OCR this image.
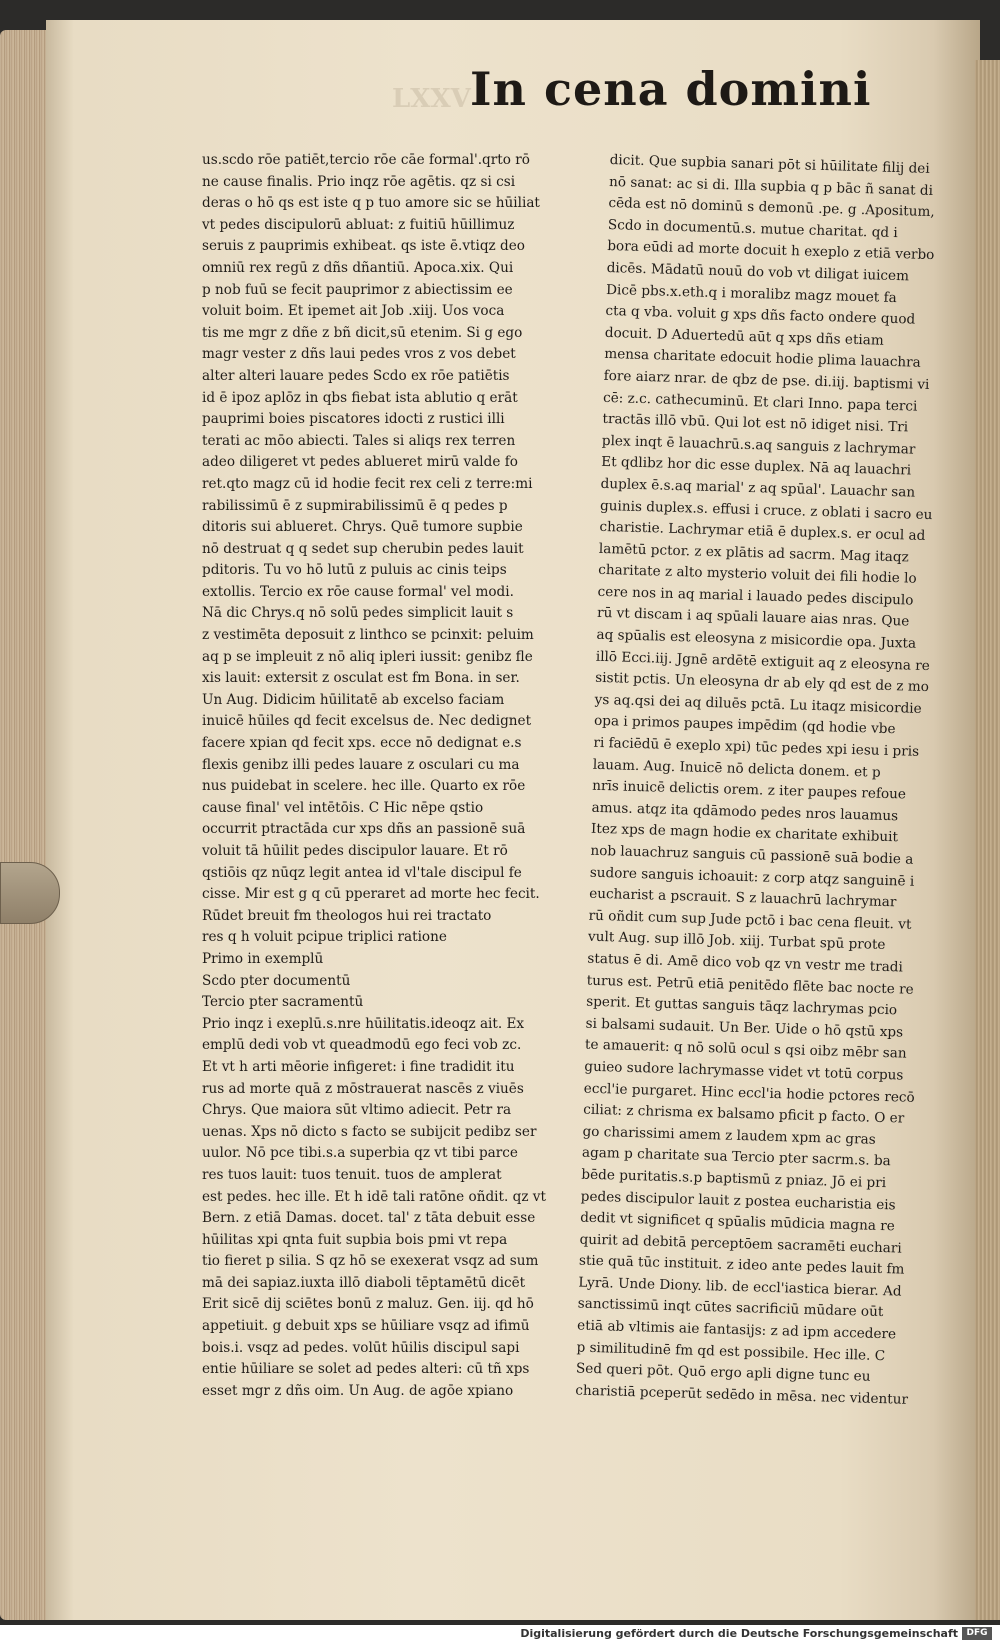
LXXV In cena domini
us.scdo rōe patiēt,tercio rōe cāe formal'.qrto rō
ne cause finalis. Prio inqz rōe agētis. qz si csi
deras o hō qs est iste q p tuo amore sic se hūiliat
vt pedes discipulorū abluat: z fuitiū hūillimuz
seruis z pauprimis exhibeat. qs iste ē.vtiqz deo
omniū rex regū z dñs dñantiū. Apoca.xix. Qui
p nob fuū se fecit pauprimor z abiectissim ee
voluit boim. Et ipemet ait Job .xiij. Uos voca
tis me mgr z dñe z bñ dicit,sū etenim. Si g ego
magr vester z dñs laui pedes vros z vos debet
alter alteri lauare pedes Scdo ex rōe patiētis
id ē ipoz aplōz in qbs fiebat ista ablutio q erāt
pauprimi boies piscatores idocti z rustici illi
terati ac mōo abiecti. Tales si aliqs rex terren
adeo diligeret vt pedes ablueret mirū valde fo
ret.qto magz cū id hodie fecit rex celi z terre:mi
rabilissimū ē z supmirabilissimū ē q pedes p
ditoris sui ablueret. Chrys. Quē tumore supbie
nō destruat q q sedet sup cherubin pedes lauit
pditoris. Tu vo hō lutū z puluis ac cinis teips
extollis. Tercio ex rōe cause formal' vel modi.
Nā dic Chrys.q nō solū pedes simplicit lauit s
z vestimēta deposuit z linthco se pcinxit: peluim
aq p se impleuit z nō aliq ipleri iussit: genibz fle
xis lauit: extersit z osculat est fm Bona. in ser.
Un Aug. Didicim hūilitatē ab excelso faciam
inuicē hūiles qd fecit excelsus de. Nec dedignet
facere xpian qd fecit xps. ecce nō dedignat e.s
flexis genibz illi pedes lauare z osculari cu ma
nus puidebat in scelere. hec ille. Quarto ex rōe
cause final' vel intētōis. C Hic nēpe qstio
occurrit ptractāda cur xps dñs an passionē suā
voluit tā hūilit pedes discipulor lauare. Et rō
qstiōis qz nūqz legit antea id vl'tale discipul fe
cisse. Mir est g q cū pperaret ad morte hec fecit.
Rūdet breuit fm theologos hui rei tractato
res q h voluit pcipue triplici ratione
Primo in exemplū
Scdo pter documentū
Tercio pter sacramentū
Prio inqz i exeplū.s.nre hūilitatis.ideoqz ait. Ex
emplū dedi vob vt queadmodū ego feci vob zc.
Et vt h arti mēorie infigeret: i fine tradidit itu
rus ad morte quā z mōstrauerat nascēs z viuēs
Chrys. Que maiora sūt vltimo adiecit. Petr ra
uenas. Xps nō dicto s facto se subijcit pedibz ser
uulor. Nō pce tibi.s.a superbia qz vt tibi parce
res tuos lauit: tuos tenuit. tuos de amplerat
est pedes. hec ille. Et h idē tali ratōne oñdit. qz vt
Bern. z etiā Damas. docet. tal' z tāta debuit esse
hūilitas xpi qnta fuit supbia bois pmi vt repa
tio fieret p silia. S qz hō se exexerat vsqz ad sum
mā dei sapiaz.iuxta illō diaboli tēptamētū dicēt
Erit sicē dij sciētes bonū z maluz. Gen. iij. qd hō
appetiuit. g debuit xps se hūiliare vsqz ad ifimū
bois.i. vsqz ad pedes. volūt hūilis discipul sapi
entie hūiliare se solet ad pedes alteri: cū tñ xps
esset mgr z dñs oim. Un Aug. de agōe xpiano
dicit. Que supbia sanari pōt si hūilitate filij dei
nō sanat: ac si di. Illa supbia q p bāc ñ sanat di
cēda est nō dominū s demonū .pe. g .Apositum,
Scdo in documentū.s. mutue charitat. qd i
bora eūdi ad morte docuit h exeplo z etiā verbo
dicēs. Mādatū nouū do vob vt diligat iuicem
Dicē pbs.x.eth.q i moralibz magz mouet fa
cta q vba. voluit g xps dñs facto ondere quod
docuit. D Aduertedū aūt q xps dñs etiam
mensa charitate edocuit hodie plima lauachra
fore aiarz nrar. de qbz de pse. di.iij. baptismi vi
cē: z.c. cathecuminū. Et clari Inno. papa terci
tractās illō vbū. Qui lot est nō idiget nisi. Tri
plex inqt ē lauachrū.s.aq sanguis z lachrymar
Et qdlibz hor dic esse duplex. Nā aq lauachri
duplex ē.s.aq marial' z aq spūal'. Lauachr san
guinis duplex.s. effusi i cruce. z oblati i sacro eu
charistie. Lachrymar etiā ē duplex.s. er ocul ad
lamētū pctor. z ex plātis ad sacrm. Mag itaqz
charitate z alto mysterio voluit dei fili hodie lo
cere nos in aq marial i lauado pedes discipulo
rū vt discam i aq spūali lauare aias nras. Que
aq spūalis est eleosyna z misicordie opa. Juxta
illō Ecci.iij. Jgnē ardētē extiguit aq z eleosyna re
sistit pctis. Un eleosyna dr ab ely qd est de z mo
ys aq.qsi dei aq diluēs pctā. Lu itaqz misicordie
opa i primos paupes impēdim (qd hodie vbe
ri faciēdū ē exeplo xpi) tūc pedes xpi iesu i pris
lauam. Aug. Inuicē nō delicta donem. et p
nrīs inuicē delictis orem. z iter paupes refoue
amus. atqz ita qdāmodo pedes nros lauamus
Itez xps de magn hodie ex charitate exhibuit
nob lauachruz sanguis cū passionē suā bodie a
sudore sanguis ichoauit: z corp atqz sanguinē i
eucharist a pscrauit. S z lauachrū lachrymar
rū oñdit cum sup Jude pctō i bac cena fleuit. vt
vult Aug. sup illō Job. xiij. Turbat spū prote
status ē di. Amē dico vob qz vn vestr me tradi
turus est. Petrū etiā penitēdo flēte bac nocte re
sperit. Et guttas sanguis tāqz lachrymas pcio
si balsami sudauit. Un Ber. Uide o hō qstū xps
te amauerit: q nō solū ocul s qsi oibz mēbr san
guieo sudore lachrymasse videt vt totū corpus
eccl'ie purgaret. Hinc eccl'ia hodie pctores recō
ciliat: z chrisma ex balsamo pficit p facto. O er
go charissimi amem z laudem xpm ac gras
agam p charitate sua Tercio pter sacrm.s. ba
bēde puritatis.s.p baptismū z pniaz. Jō ei pri
pedes discipulor lauit z postea eucharistia eis
dedit vt significet q spūalis mūdicia magna re
quirit ad debitā perceptōem sacramēti euchari
stie quā tūc instituit. z ideo ante pedes lauit fm
Lyrā. Unde Diony. lib. de eccl'iastica bierar. Ad
sanctissimū inqt cūtes sacrificiū mūdare oūt
etiā ab vltimis aie fantasijs: z ad ipm accedere
p similitudinē fm qd est possibile. Hec ille. C
Sed queri pōt. Quō ergo apli digne tunc eu
charistiā pceperūt sedēdo in mēsa. nec videntur
Digitalisierung gefördert durch die Deutsche Forschungsgemeinschaft DFG
